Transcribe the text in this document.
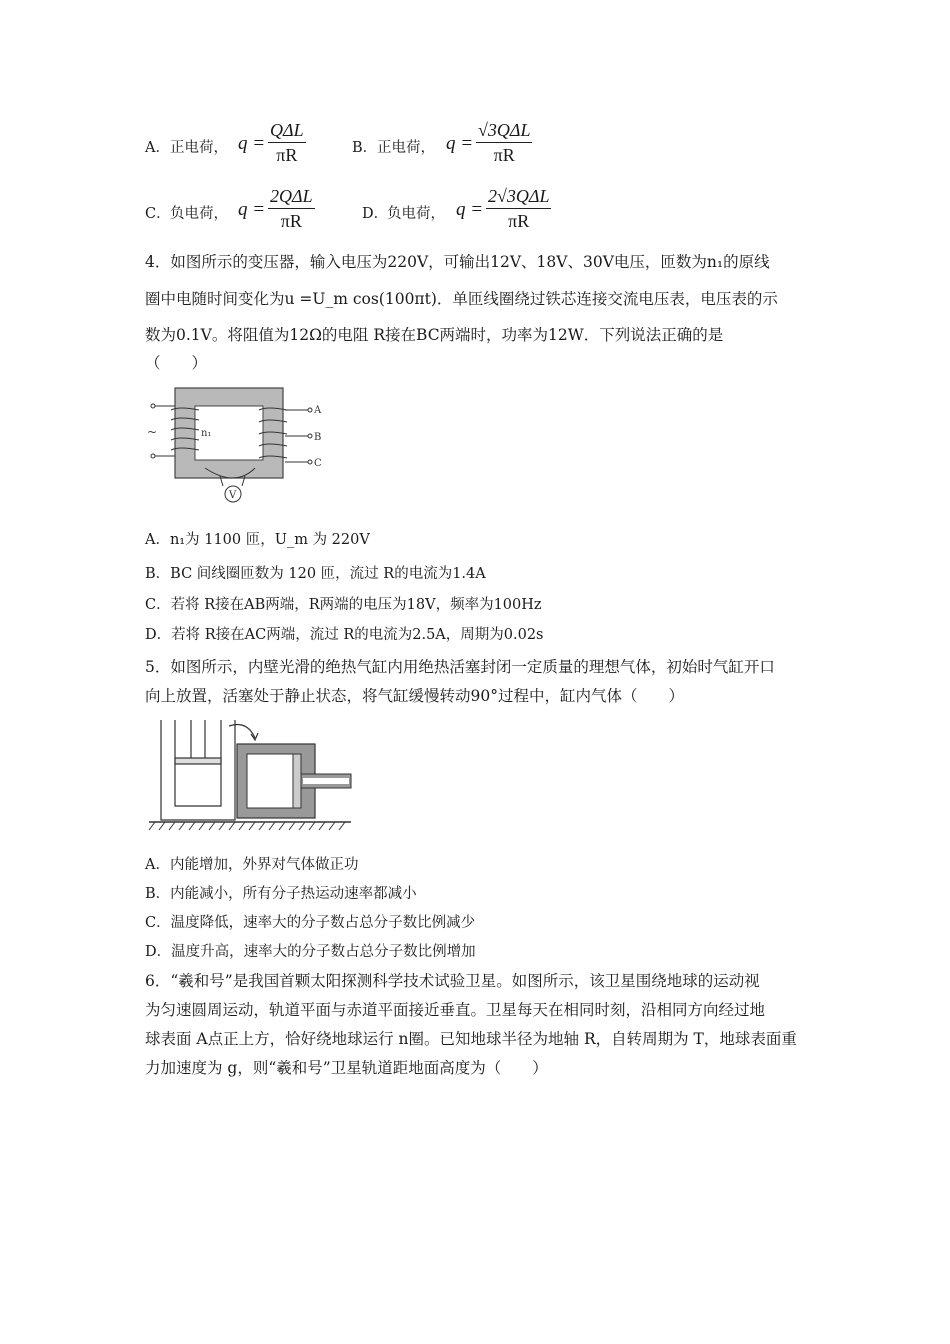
A． 正电荷， q =
QΔL
πR	B． 正电荷， q =
√3QΔL
πR
C． 负电荷， q =
2QΔL
πR	D．
负电荷， q =
2√3QΔL
πR
4．如图所示的变压器，输入电压为220V，可输出12V、18V、30V电压，匝数为n₁的原线
圈中电随时间变化为u =U_m cos(100πt)．单匝线圈绕过铁芯连接交流电压表，电压表的示
数为0.1V。将阻值为12Ω的电阻 R接在BC两端时，功率为12W．下列说法正确的是
（　　）
V
n₁
A
B
C
~
A．n₁为 1100 匝，U_m 为 220V
B．BC 间线圈匝数为 120 匝，流过 R的电流为1.4A
C．若将 R接在AB两端，R两端的电压为18V，频率为100Hz
D．若将 R接在AC两端，流过 R的电流为2.5A，周期为0.02s
5．如图所示，内壁光滑的绝热气缸内用绝热活塞封闭一定质量的理想气体，初始时气缸开口
向上放置，活塞处于静止状态，将气缸缓慢转动90°过程中，缸内气体（　　）
A．内能增加，外界对气体做正功
B．内能减小，所有分子热运动速率都减小
C．温度降低，速率大的分子数占总分子数比例减少
D．温度升高，速率大的分子数占总分子数比例增加
6．“羲和号”是我国首颗太阳探测科学技术试验卫星。如图所示，该卫星围绕地球的运动视
为匀速圆周运动，轨道平面与赤道平面接近垂直。卫星每天在相同时刻，沿相同方向经过地
球表面 A点正上方，恰好绕地球运行 n圈。已知地球半径为地轴 R，自转周期为 T，地球表面重
力加速度为 g，则“羲和号”卫星轨道距地面高度为（　　）
